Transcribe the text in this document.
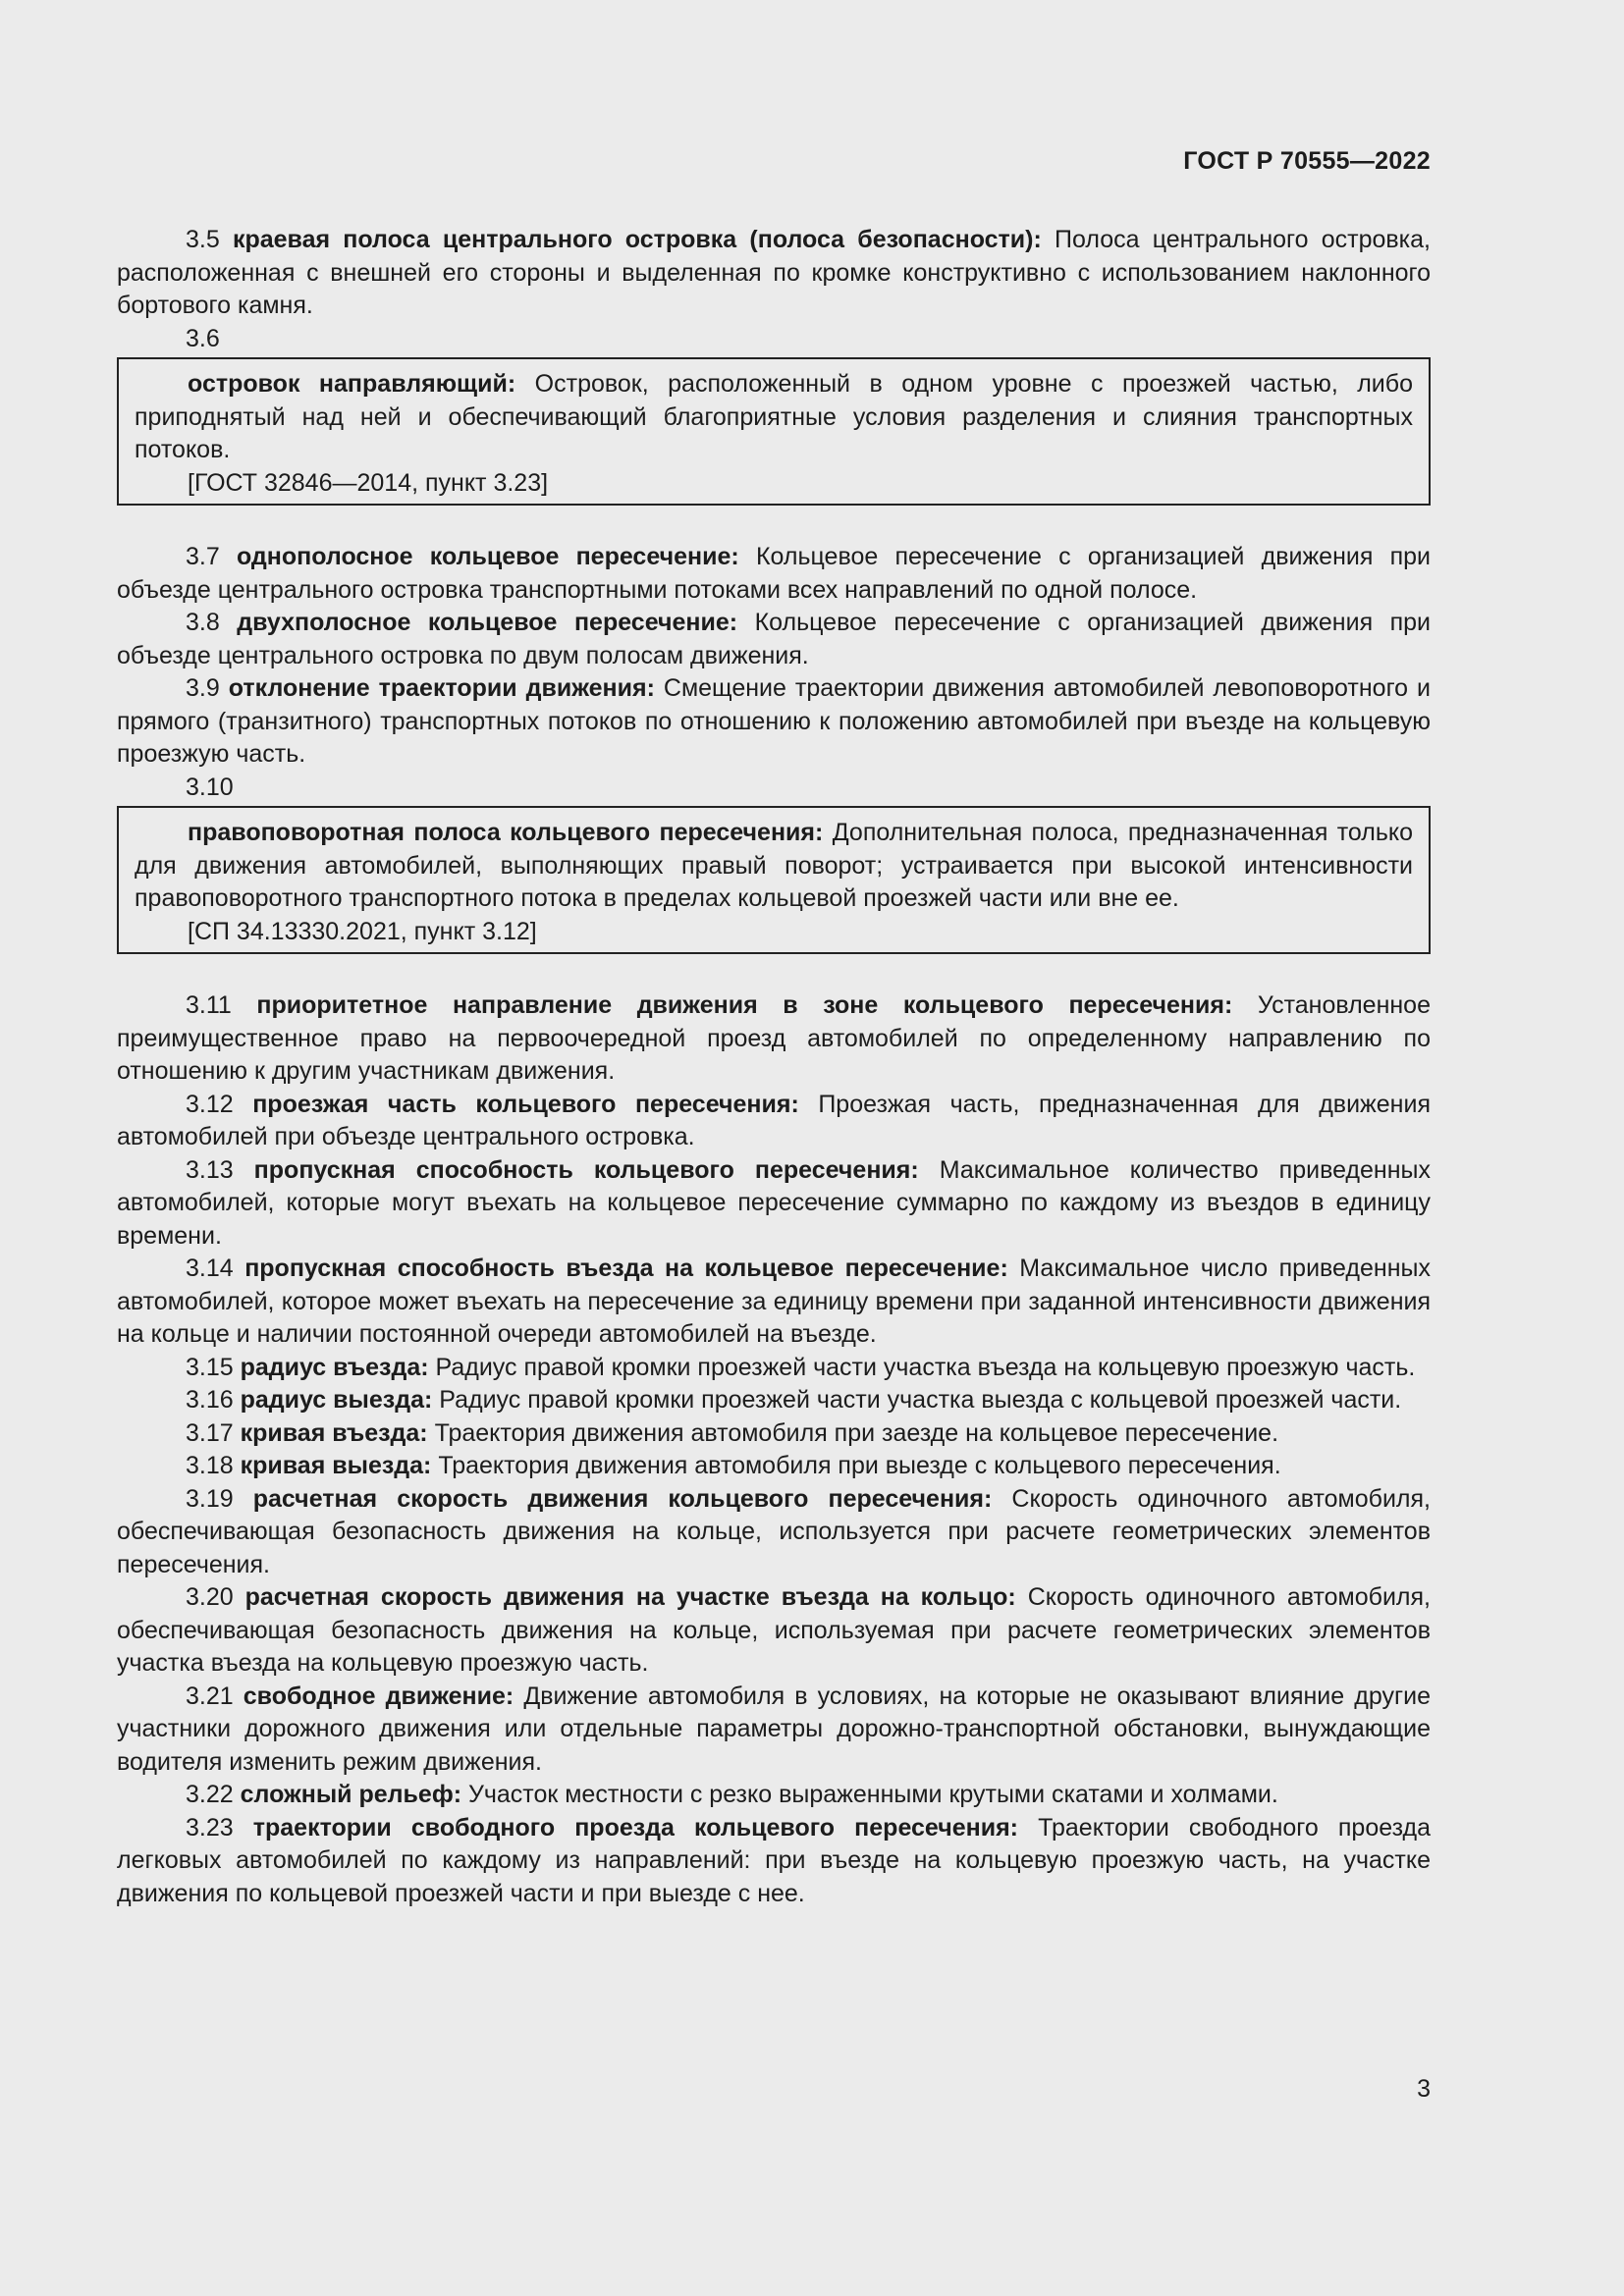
ГОСТ Р 70555—2022

3.5 краевая полоса центрального островка (полоса безопасности): Полоса центрального островка, расположенная с внешней его стороны и выделенная по кромке конструктивно с использованием наклонного бортового камня.

3.6

островок направляющий: Островок, расположенный в одном уровне с проезжей частью, либо приподнятый над ней и обеспечивающий благоприятные условия разделения и слияния транспортных потоков.

[ГОСТ 32846—2014, пункт 3.23]

3.7 однополосное кольцевое пересечение: Кольцевое пересечение с организацией движения при объезде центрального островка транспортными потоками всех направлений по одной полосе.

3.8 двухполосное кольцевое пересечение: Кольцевое пересечение с организацией движения при объезде центрального островка по двум полосам движения.

3.9 отклонение траектории движения: Смещение траектории движения автомобилей левоповоротного и прямого (транзитного) транспортных потоков по отношению к положению автомобилей при въезде на кольцевую проезжую часть.

3.10

правоповоротная полоса кольцевого пересечения: Дополнительная полоса, предназначенная только для движения автомобилей, выполняющих правый поворот; устраивается при высокой интенсивности правоповоротного транспортного потока в пределах кольцевой проезжей части или вне ее.

[СП 34.13330.2021, пункт 3.12]

3.11 приоритетное направление движения в зоне кольцевого пересечения: Установленное преимущественное право на первоочередной проезд автомобилей по определенному направлению по отношению к другим участникам движения.

3.12 проезжая часть кольцевого пересечения: Проезжая часть, предназначенная для движения автомобилей при объезде центрального островка.

3.13 пропускная способность кольцевого пересечения: Максимальное количество приведенных автомобилей, которые могут въехать на кольцевое пересечение суммарно по каждому из въездов в единицу времени.

3.14 пропускная способность въезда на кольцевое пересечение: Максимальное число приведенных автомобилей, которое может въехать на пересечение за единицу времени при заданной интенсивности движения на кольце и наличии постоянной очереди автомобилей на въезде.

3.15 радиус въезда: Радиус правой кромки проезжей части участка въезда на кольцевую проезжую часть.

3.16 радиус выезда: Радиус правой кромки проезжей части участка выезда с кольцевой проезжей части.

3.17 кривая въезда: Траектория движения автомобиля при заезде на кольцевое пересечение.

3.18 кривая выезда: Траектория движения автомобиля при выезде с кольцевого пересечения.

3.19 расчетная скорость движения кольцевого пересечения: Скорость одиночного автомобиля, обеспечивающая безопасность движения на кольце, используется при расчете геометрических элементов пересечения.

3.20 расчетная скорость движения на участке въезда на кольцо: Скорость одиночного автомобиля, обеспечивающая безопасность движения на кольце, используемая при расчете геометрических элементов участка въезда на кольцевую проезжую часть.

3.21 свободное движение: Движение автомобиля в условиях, на которые не оказывают влияние другие участники дорожного движения или отдельные параметры дорожно-транспортной обстановки, вынуждающие водителя изменить режим движения.

3.22 сложный рельеф: Участок местности с резко выраженными крутыми скатами и холмами.

3.23 траектории свободного проезда кольцевого пересечения: Траектории свободного проезда легковых автомобилей по каждому из направлений: при въезде на кольцевую проезжую часть, на участке движения по кольцевой проезжей части и при выезде с нее.

3
